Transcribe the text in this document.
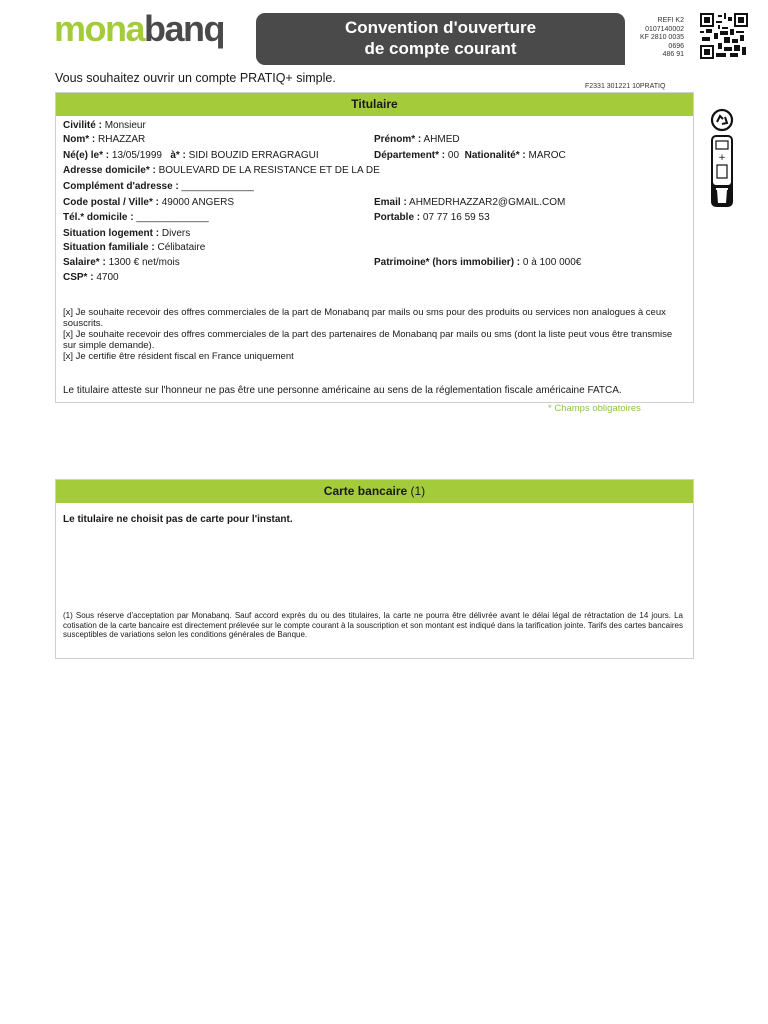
monabanq	Convention d'ouverture
de compte courant
REFI K2
0107140002
KF 2810 0035
0696
486 91
Vous souhaitez ouvrir un compte PRATIQ+ simple.
F2331 301221 10PRATIQ
Titulaire
Civilité : Monsieur
Nom* : RHAZZAR	Prénom* : AHMED
Né(e) le* : 13/05/1999 à* : SIDI BOUZID ERRAGRAGUI	Département* : 00 Nationalité* : MAROC
Adresse domicile* : BOULEVARD DE LA RESISTANCE ET DE LA DE
Complément d'adresse : _____________
Code postal / Ville* : 49000 ANGERS	Email : AHMEDRHAZZAR2@GMAIL.COM
Tél.* domicile : _____________	Portable : 07 77 16 59 53
Situation logement : Divers
Situation familiale : Célibataire
Salaire* : 1300 € net/mois	Patrimoine* (hors immobilier) : 0 à 100 000€
CSP* : 4700
[x] Je souhaite recevoir des offres commerciales de la part de Monabanq par mails ou sms pour des produits ou services non analogues à ceux souscrits.
[x] Je souhaite recevoir des offres commerciales de la part des partenaires de Monabanq par mails ou sms (dont la liste peut vous être transmise sur simple demande).
[x] Je certifie être résident fiscal en France uniquement
Le titulaire atteste sur l'honneur ne pas être une personne américaine au sens de la réglementation fiscale américaine FATCA.
* Champs obligatoires
Carte bancaire (1)
Le titulaire ne choisit pas de carte pour l'instant.
(1) Sous réserve d'acceptation par Monabanq. Sauf accord exprès du ou des titulaires, la carte ne pourra être délivrée avant le délai légal de rétractation de 14 jours. La cotisation de la carte bancaire est directement prélevée sur le compte courant à la souscription et son montant est indiqué dans la tarification jointe. Tarifs des cartes bancaires susceptibles de variations selon les conditions générales de Banque.
+
